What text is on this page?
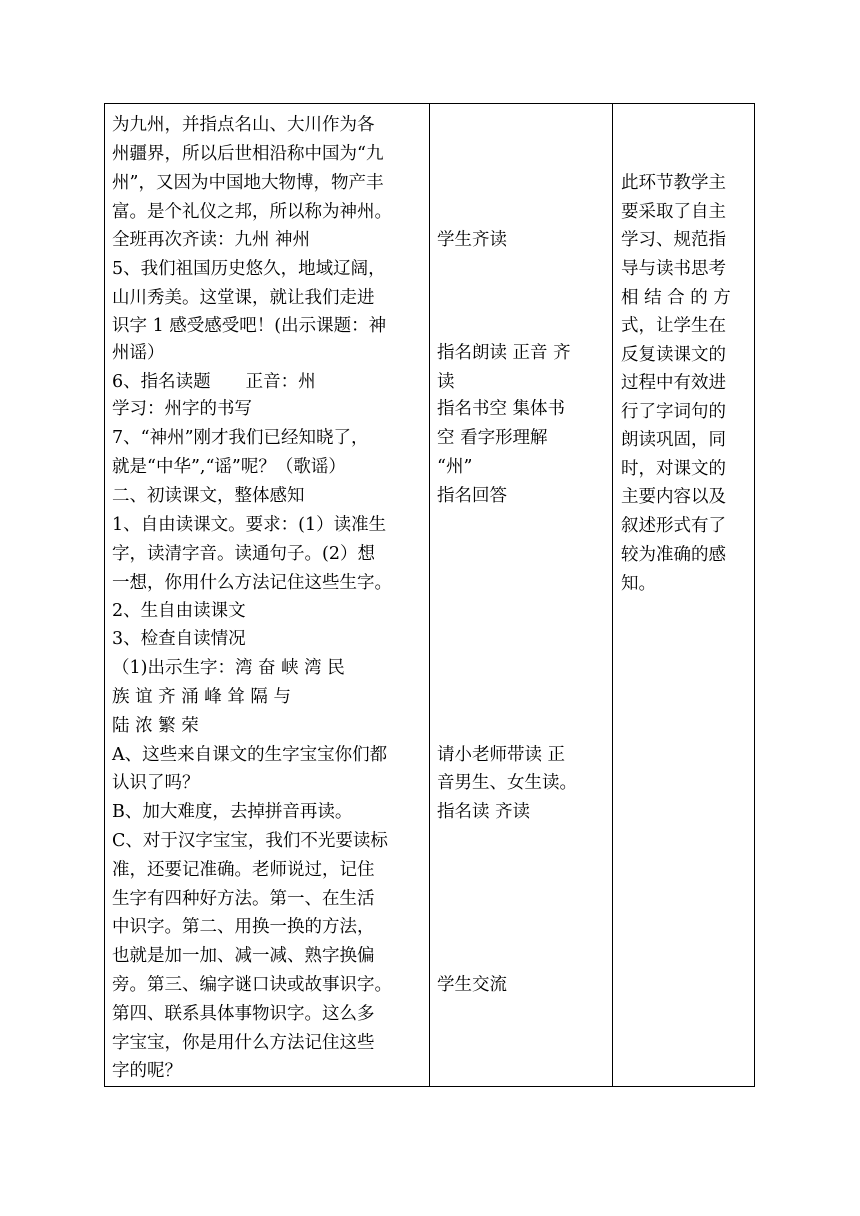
为九州，并指点名山、大川作为各
州疆界，所以后世相沿称中国为“九
州”，又因为中国地大物博，物产丰
富。是个礼仪之邦，所以称为神州。
全班再次齐读：九州 神州
5、我们祖国历史悠久，地域辽阔，
山川秀美。这堂课，就让我们走进
识字 1 感受感受吧！(出示课题：神
州谣）
6、指名读题　　正音：州
学习：州字的书写
7、“神州”刚才我们已经知晓了，
就是“中华”,“谣”呢？（歌谣）
二、初读课文，整体感知
1、自由读课文。要求：(1）读准生
字，读清字音。读通句子。(2）想
一想，你用什么方法记住这些生字。
2、生自由读课文
3、检查自读情况
（1)出示生字：湾 奋 峡 湾 民
族 谊 齐 涌 峰 耸 隔 与
陆 浓 繁 荣
A、这些来自课文的生字宝宝你们都
认识了吗？
B、加大难度，去掉拼音再读。
C、对于汉字宝宝，我们不光要读标
准，还要记准确。老师说过，记住
生字有四种好方法。第一、在生活
中识字。第二、用换一换的方法，
也就是加一加、减一减、熟字换偏
旁。第三、编字谜口诀或故事识字。
第四、联系具体事物识字。这么多
字宝宝，你是用什么方法记住这些
字的呢？
学生齐读
指名朗读 正音 齐
读
指名书空 集体书
空 看字形理解
“州”
指名回答
请小老师带读 正
音男生、女生读。
指名读 齐读
学生交流
此环节教学主
要采取了自主
学习、规范指
导与读书思考
相 结 合 的 方
式，让学生在
反复读课文的
过程中有效进
行了字词句的
朗读巩固，同
时，对课文的
主要内容以及
叙述形式有了
较为准确的感
知。
